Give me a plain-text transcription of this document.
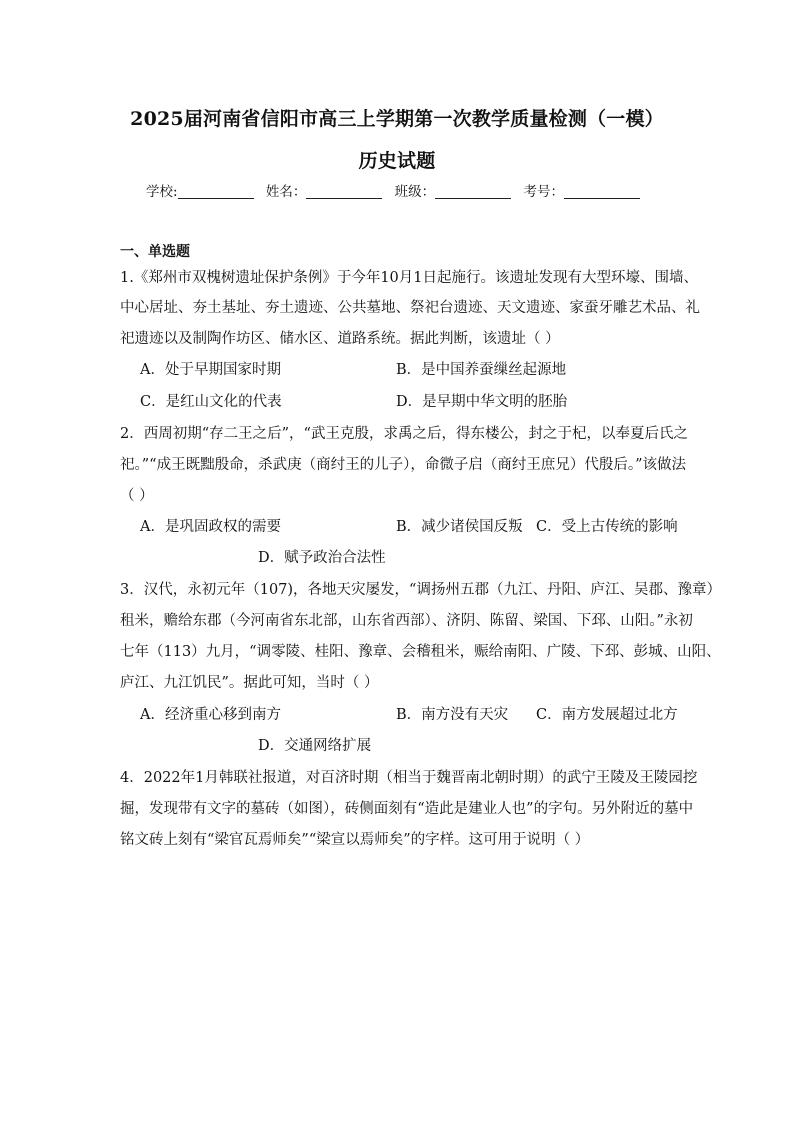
2025届河南省信阳市高三上学期第一次教学质量检测（一模）
历史试题
学校:	姓名：	班级：	考号：
一、单选题
1.《郑州市双槐树遗址保护条例》于今年10月1日起施行。该遗址发现有大型环壕、围墙、
中心居址、夯土基址、夯土遗迹、公共墓地、祭祀台遗迹、天文遗迹、家蚕牙雕艺术品、礼
祀遗迹以及制陶作坊区、储水区、道路系统。据此判断，该遗址（ ）
A．处于早期国家时期	B．是中国养蚕缫丝起源地
C．是红山文化的代表	D．是早期中华文明的胚胎
2．西周初期“存二王之后”，“武王克殷，求禹之后，得东楼公，封之于杞，以奉夏后氏之
祀。”“成王既黜殷命，杀武庚（商纣王的儿子），命微子启（商纣王庶兄）代殷后。”该做法
（ ）
A．是巩固政权的需要	B．减少诸侯国反叛 C．受上古传统的影响
D．赋予政治合法性
3．汉代，永初元年（107)，各地天灾屡发，“调扬州五郡（九江、丹阳、庐江、吴郡、豫章）
租米，赡给东郡（今河南省东北部，山东省西部）、济阴、陈留、梁国、下邳、山阳。”永初
七年（113）九月，“调零陵、桂阳、豫章、会稽租米，赈给南阳、广陵、下邳、彭城、山阳、
庐江、九江饥民”。据此可知，当时（ ）
A．经济重心移到南方	B．南方没有天灾 C．南方发展超过北方
D．交通网络扩展
4．2022年1月韩联社报道，对百济时期（相当于魏晋南北朝时期）的武宁王陵及王陵园挖
掘，发现带有文字的墓砖（如图），砖侧面刻有“造此是建业人也”的字句。另外附近的墓中
铭文砖上刻有“梁官瓦焉师矣”“梁宣以焉师矣”的字样。这可用于说明（ ）
